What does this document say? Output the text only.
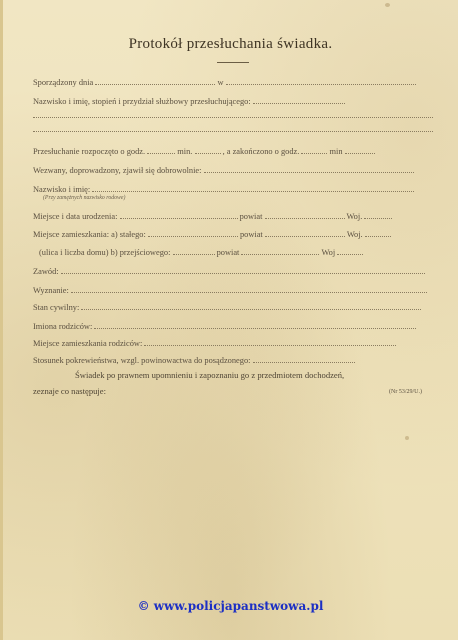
Protokół przesłuchania świadka.
Sporządzony dnia	w
Nazwisko i imię, stopień i przydział służbowy przesłuchującego:
Przesłuchanie rozpoczęto o godz.	min.	, a zakończono o godz.	min
Wezwany, doprowadzony, zjawił się dobrowolnie:
Nazwisko i imię:
(Przy zamężnych nazwisko rodowe)
Miejsce i data urodzenia:	powiat	Woj.
Miejsce zamieszkania: a) stałego:	powiat	Woj.
(ulica i liczba domu) b) przejściowego:	powiat	Woj
Zawód:
Wyznanie:
Stan cywilny:
Imiona rodziców:
Miejsce zamieszkania rodziców:
Stosunek pokrewieństwa, wzgl. powinowactwa do posądzonego:
Świadek po prawnem upomnieniu i zapoznaniu go z przedmiotem dochodzeń,
zeznaje co następuje:	(Nr 53/29/U.)
© www.policjapanstwowa.pl
